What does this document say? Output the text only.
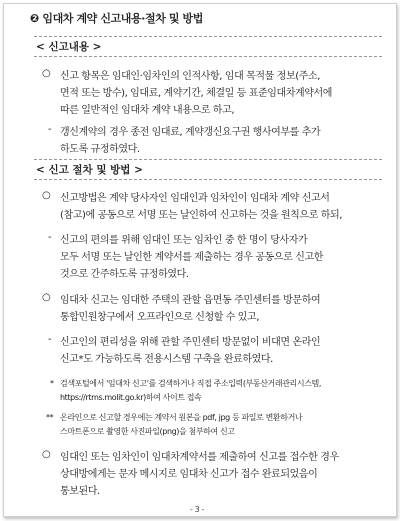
❷ 임대차 계약 신고내용·절차 및 방법
< 신고내용 >
○ 신고 항목은 임대인·임차인의 인적사항, 임대 목적물 정보(주소,
면적 또는 방수), 임대료, 계약기간, 체결일 등 표준임대차계약서에
따른 일반적인 임대차 계약 내용으로 하고,
- 갱신계약의 경우 종전 임대료, 계약갱신요구권 행사여부를 추가
하도록 규정하였다.
< 신고 절차 및 방법 >
○ 신고방법은 계약 당사자인 임대인과 임차인이 임대차 계약 신고서
(참고)에 공동으로 서명 또는 날인하여 신고하는 것을 원칙으로 하되,
- 신고의 편의를 위해 임대인 또는 임차인 중 한 명이 당사자가
모두 서명 또는 날인한 계약서를 제출하는 경우 공동으로 신고한
것으로 간주하도록 규정하였다.
○ 임대차 신고는 임대한 주택의 관할 읍면동 주민센터를 방문하여
통합민원창구에서 오프라인으로 신청할 수 있고,
- 신고인의 편리성을 위해 관할 주민센터 방문없이 비대면 온라인
신고*도 가능하도록 전용시스템 구축을 완료하였다.
* 검색포털에서 '임대차 신고'를 검색하거나 직접 주소입력(부동산거래관리시스템,
https://rtms.molit.go.kr)하여 사이트 접속
** 온라인으로 신고할 경우에는 계약서 원본을 pdf, jpg 등 파일로 변환하거나
스마트폰으로 촬영한 사진파일(png)을 첨부하여 신고
○ 임대인 또는 임차인이 임대차계약서를 제출하여 신고를 접수한 경우
상대방에게는 문자 메시지로 임대차 신고가 접수 완료되었음이
통보된다.
- 3 -
